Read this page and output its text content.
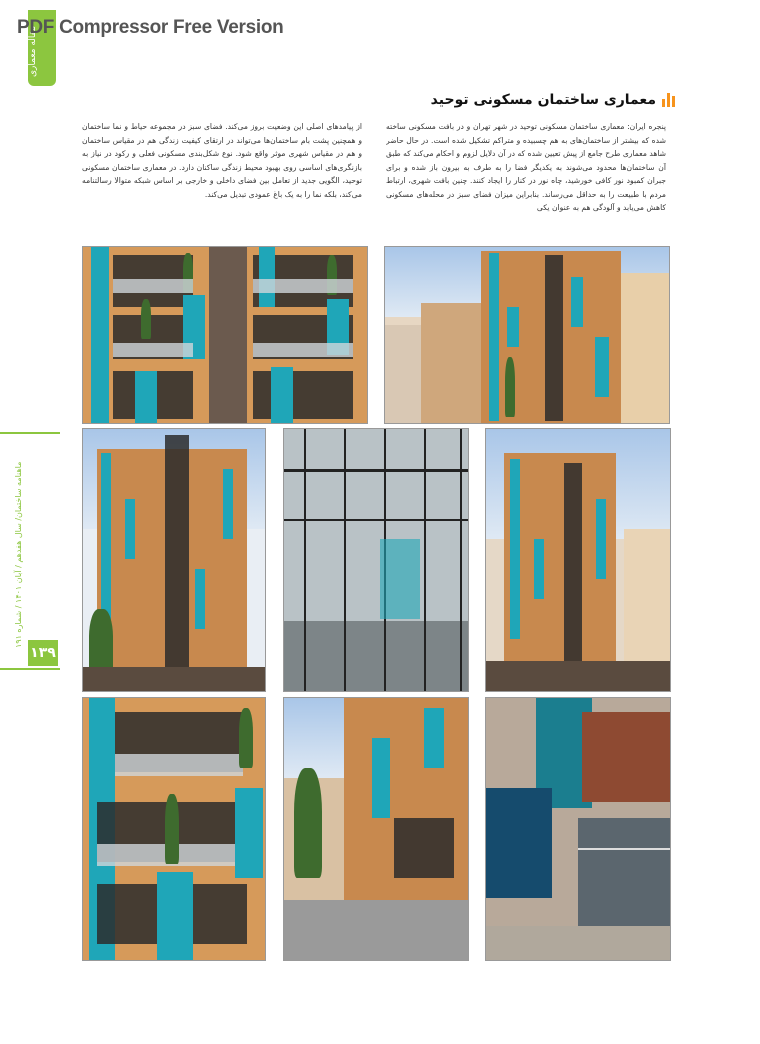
PDF Compressor Free Version
مقاله معماری
ماهنامه ساختمان/ سال هفدهم / آبان ۱۴۰۱ / شماره ۱۹۱
۱۳۹
معماری ساختمان مسکونی توحید
پنجره ایران: معماری ساختمان مسکونی توحید در شهر تهران و در بافت مسکونی ساخته شده که بیشتر از ساختمان‌های به هم چسبیده و متراکم تشکیل شده است. در حال حاضر شاهد معماری طرح جامع از پیش تعیین شده که در آن دلایل لزوم و احکام می‌کند که طبق آن ساختمان‌ها محدود می‌شوند به یکدیگر فضا را به طرف به بیرون باز شده و برای جبران کمبود نور کافی خورشید، چاه نور در کنار را ایجاد کنند. چنین بافت شهری، ارتباط مردم با طبیعت را به حداقل می‌رساند. بنابراین میزان فضای سبز در محله‌های مسکونی کاهش می‌یابد و آلودگی هم به عنوان یکی
از پیامدهای اصلی این وضعیت بروز می‌کند. فضای سبز در مجموعه حیاط و نما ساختمان و همچنین پشت بام ساختمان‌ها می‌تواند در ارتقای کیفیت زندگی هم در مقیاس ساختمان و هم در مقیاس شهری موثر واقع شود. نوع شکل‌بندی مسکونی فعلی و رکود در نیاز به بازنگری‌های اساسی روی بهبود محیط زندگی ساکنان دارد. در معماری ساختمان مسکونی توحید، الگویی جدید از تعامل بین فضای داخلی و خارجی بر اساس شبکه متوالا رسالتنامه می‌کند، بلکه نما را به یک باغ عمودی تبدیل می‌کند.
